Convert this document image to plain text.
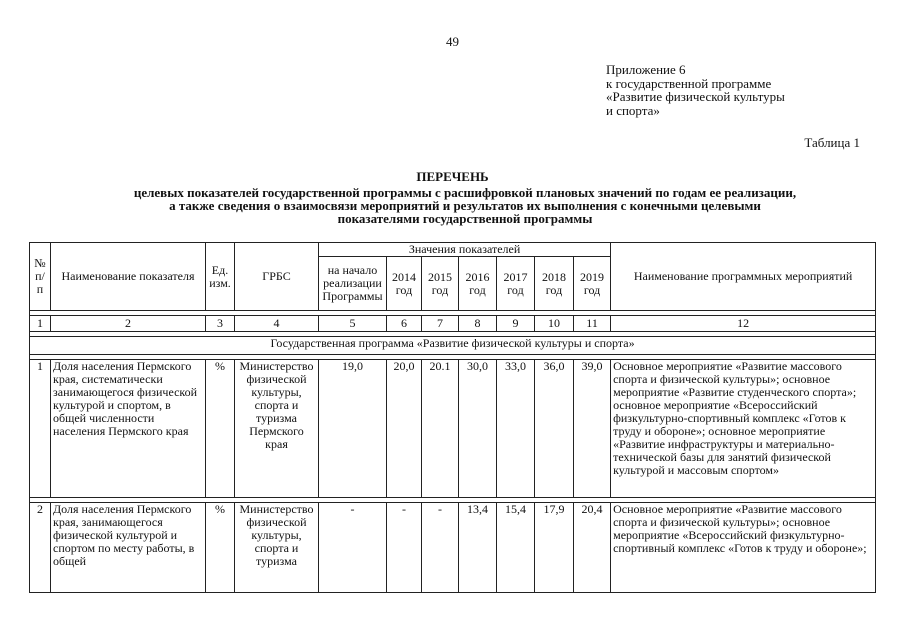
49
Приложение 6
к государственной программе
«Развитие физической культуры
и спорта»
Таблица 1
ПЕРЕЧЕНЬ
целевых показателей государственной программы с расшифровкой плановых значений по годам ее реализации,
а также сведения о взаимосвязи мероприятий и результатов их выполнения с конечными целевыми
показателями государственной программы
№ п/п	Наименование показателя	Ед. изм.	ГРБС	Значения показателей							Наименование программных мероприятий
				на начало реализации Программы	2014 год	2015 год	2016 год	2017 год	2018 год	2019 год	

1	2	3	4	5	6	7	8	9	10	11	12

Государственная программа «Развитие физической культуры и спорта»											

1	Доля населения Пермского края, систематически занимающегося физической культурой и спортом, в общей численности населения Пермского края	%	Министерство физической культуры, спорта и туризма Пермского края	19,0	20,0	20.1	30,0	33,0	36,0	39,0	Основное мероприятие «Развитие массового спорта и физической культуры»; основное мероприятие «Развитие студенческого спорта»; основное мероприятие «Всероссийский физкультурно-спортивный комплекс «Готов к труду и обороне»; основное мероприятие «Развитие инфраструктуры и материально-технической базы для занятий физической культурой и массовым спортом»

2	Доля населения Пермского края, занимающегося физической культурой и спортом по месту работы, в общей	%	Министерство физической культуры, спорта и туризма	-	-	-	13,4	15,4	17,9	20,4	Основное мероприятие «Развитие массового спорта и физической культуры»; основное мероприятие «Всероссийский физкультурно-спортивный комплекс «Готов к труду и обороне»;
